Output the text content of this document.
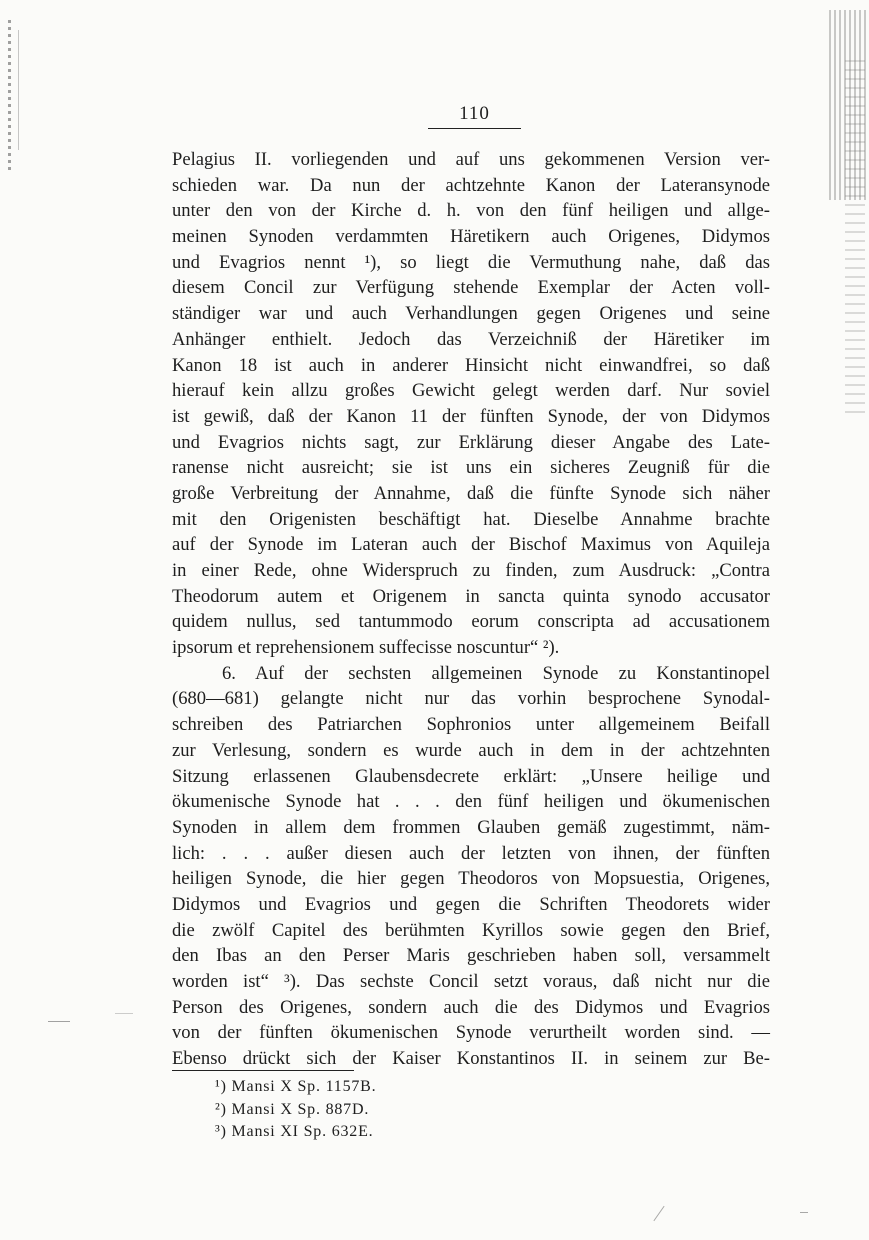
110
Pelagius II. vorliegenden und auf uns gekommenen Version ver-
schieden war. Da nun der achtzehnte Kanon der Lateransynode
unter den von der Kirche d. h. von den fünf heiligen und allge-
meinen Synoden verdammten Häretikern auch Origenes, Didymos
und Evagrios nennt ¹), so liegt die Vermuthung nahe, daß das
diesem Concil zur Verfügung stehende Exemplar der Acten voll-
ständiger war und auch Verhandlungen gegen Origenes und seine
Anhänger enthielt. Jedoch das Verzeichniß der Häretiker im
Kanon 18 ist auch in anderer Hinsicht nicht einwandfrei, so daß
hierauf kein allzu großes Gewicht gelegt werden darf. Nur soviel
ist gewiß, daß der Kanon 11 der fünften Synode, der von Didymos
und Evagrios nichts sagt, zur Erklärung dieser Angabe des Late-
ranense nicht ausreicht; sie ist uns ein sicheres Zeugniß für die
große Verbreitung der Annahme, daß die fünfte Synode sich näher
mit den Origenisten beschäftigt hat. Dieselbe Annahme brachte
auf der Synode im Lateran auch der Bischof Maximus von Aquileja
in einer Rede, ohne Widerspruch zu finden, zum Ausdruck: „Contra
Theodorum autem et Origenem in sancta quinta synodo accusator
quidem nullus, sed tantummodo eorum conscripta ad accusationem
ipsorum et reprehensionem suffecisse noscuntur“ ²).
6. Auf der sechsten allgemeinen Synode zu Konstantinopel
(680—681) gelangte nicht nur das vorhin besprochene Synodal-
schreiben des Patriarchen Sophronios unter allgemeinem Beifall
zur Verlesung, sondern es wurde auch in dem in der achtzehnten
Sitzung erlassenen Glaubensdecrete erklärt: „Unsere heilige und
ökumenische Synode hat . . . den fünf heiligen und ökumenischen
Synoden in allem dem frommen Glauben gemäß zugestimmt, näm-
lich: . . . außer diesen auch der letzten von ihnen, der fünften
heiligen Synode, die hier gegen Theodoros von Mopsuestia, Origenes,
Didymos und Evagrios und gegen die Schriften Theodorets wider
die zwölf Capitel des berühmten Kyrillos sowie gegen den Brief,
den Ibas an den Perser Maris geschrieben haben soll, versammelt
worden ist“ ³). Das sechste Concil setzt voraus, daß nicht nur die
Person des Origenes, sondern auch die des Didymos und Evagrios
von der fünften ökumenischen Synode verurtheilt worden sind. —
Ebenso drückt sich der Kaiser Konstantinos II. in seinem zur Be-
¹) Mansi X Sp. 1157B.
²) Mansi X Sp. 887D.
³) Mansi XI Sp. 632E.
